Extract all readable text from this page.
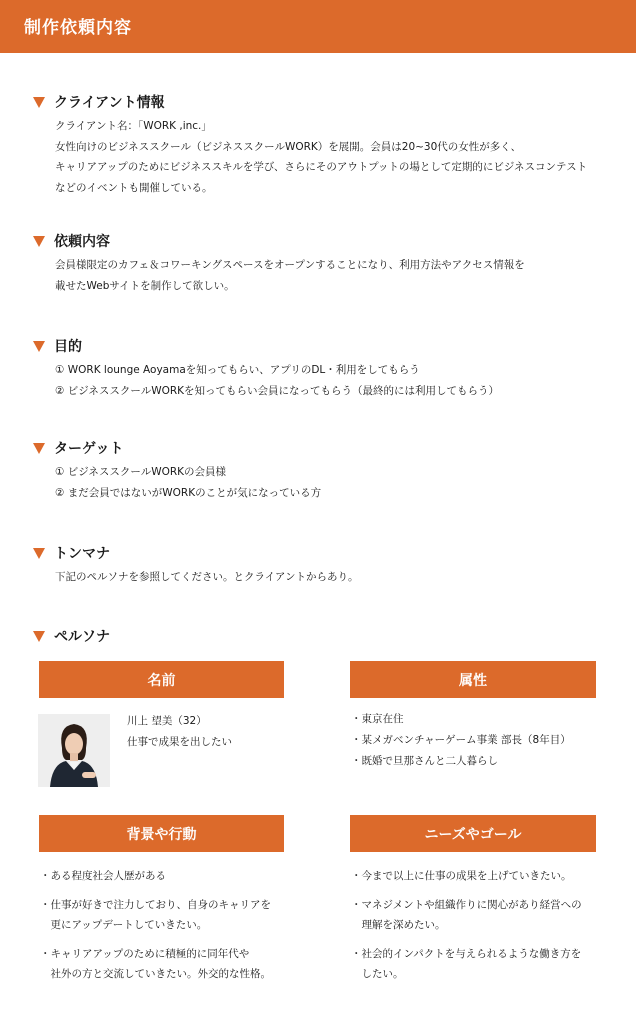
制作依頼内容
クライアント情報
クライアント名：「WORK ,inc.」
女性向けのビジネススクール（ビジネススクールWORK）を展開。会員は20~30代の女性が多く、
キャリアアップのためにビジネススキルを学び、さらにそのアウトプットの場として定期的にビジネスコンテスト
などのイベントも開催している。
依頼内容
会員様限定のカフェ＆コワーキングスペースをオープンすることになり、利用方法やアクセス情報を
載せたWebサイトを制作して欲しい。
目的
① WORK lounge Aoyamaを知ってもらい、アプリのDL・利用をしてもらう
② ビジネススクールWORKを知ってもらい会員になってもらう（最終的には利用してもらう）
ターゲット
① ビジネススクールWORKの会員様
② まだ会員ではないがWORKのことが気になっている方
トンマナ
下記のペルソナを参照してください。とクライアントからあり。
ペルソナ
名前	属性
川上 望美（32）
仕事で成果を出したい
・東京在住
・某メガベンチャーゲーム事業 部長（8年目）
・既婚で旦那さんと二人暮らし
背景や行動	ニーズやゴール
・ある程度社会人歴がある
・仕事が好きで注力しており、自身のキャリアを
　更にアップデートしていきたい。
・キャリアアップのために積極的に同年代や
　社外の方と交流していきたい。外交的な性格。
・今まで以上に仕事の成果を上げていきたい。
・マネジメントや組織作りに関心があり経営への
　理解を深めたい。
・社会的インパクトを与えられるような働き方を
　したい。
